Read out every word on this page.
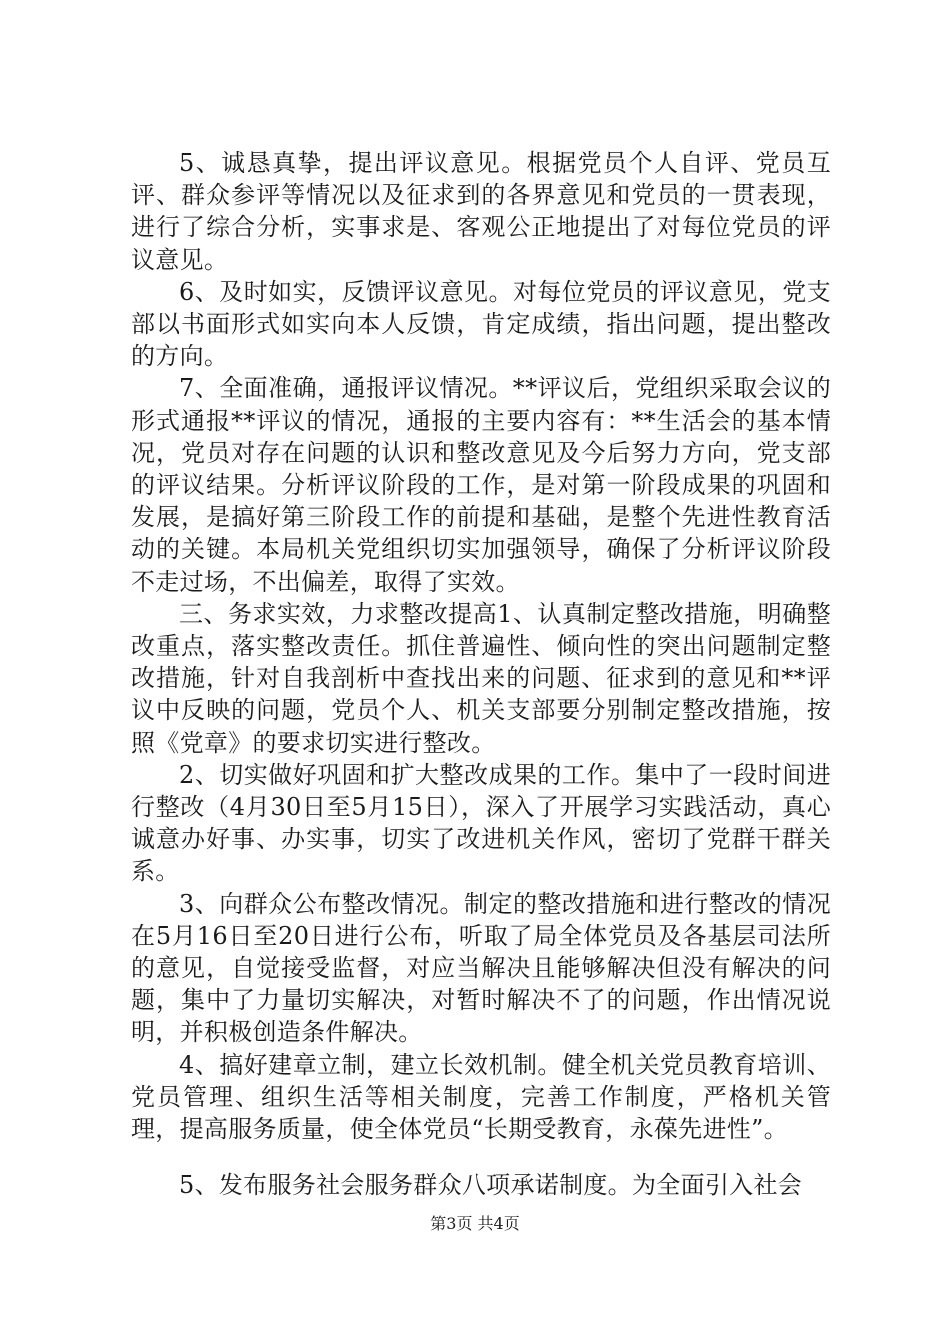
5、诚恳真挚，提出评议意见。根据党员个人自评、党员互评、群众参评等情况以及征求到的各界意见和党员的一贯表现，进行了综合分析，实事求是、客观公正地提出了对每位党员的评议意见。

6、及时如实，反馈评议意见。对每位党员的评议意见，党支部以书面形式如实向本人反馈，肯定成绩，指出问题，提出整改的方向。

7、全面准确，通报评议情况。**评议后，党组织采取会议的形式通报**评议的情况，通报的主要内容有：**生活会的基本情况，党员对存在问题的认识和整改意见及今后努力方向，党支部的评议结果。分析评议阶段的工作，是对第一阶段成果的巩固和发展，是搞好第三阶段工作的前提和基础，是整个先进性教育活动的关键。本局机关党组织切实加强领导，确保了分析评议阶段不走过场，不出偏差，取得了实效。

三、务求实效，力求整改提高1、认真制定整改措施，明确整改重点，落实整改责任。抓住普遍性、倾向性的突出问题制定整改措施，针对自我剖析中查找出来的问题、征求到的意见和**评议中反映的问题，党员个人、机关支部要分别制定整改措施，按照《党章》的要求切实进行整改。

2、切实做好巩固和扩大整改成果的工作。集中了一段时间进行整改（4月30日至5月15日），深入了开展学习实践活动，真心诚意办好事、办实事，切实了改进机关作风，密切了党群干群关系。

3、向群众公布整改情况。制定的整改措施和进行整改的情况在5月16日至20日进行公布，听取了局全体党员及各基层司法所的意见，自觉接受监督，对应当解决且能够解决但没有解决的问题，集中了力量切实解决，对暂时解决不了的问题，作出情况说明，并积极创造条件解决。

4、搞好建章立制，建立长效机制。健全机关党员教育培训、党员管理、组织生活等相关制度，完善工作制度，严格机关管理，提高服务质量，使全体党员“长期受教育，永葆先进性”。

5、发布服务社会服务群众八项承诺制度。为全面引入社会

第3页 共4页
